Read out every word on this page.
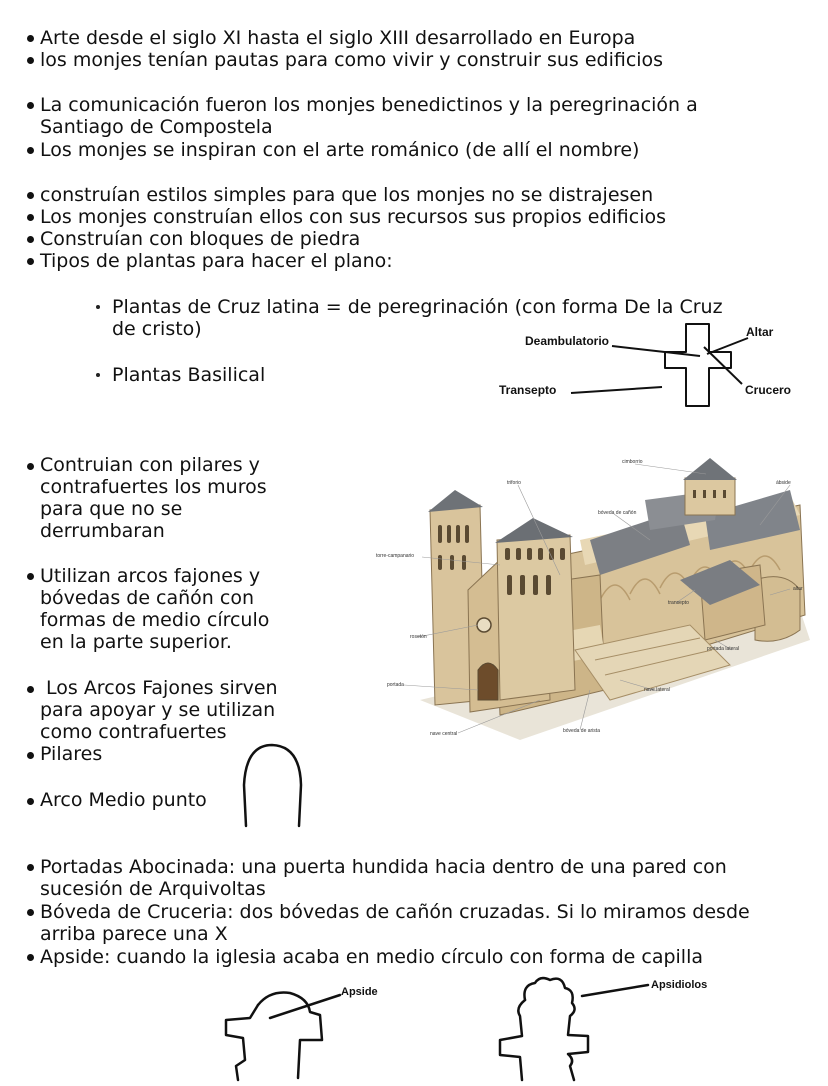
Arte desde el siglo XI hasta el siglo XIII desarrollado en Europa
los monjes tenían pautas para como vivir y construir sus edificios
La comunicación fueron los monjes benedictinos y la peregrinación a
Santiago de Compostela
Los monjes se inspiran con el arte románico (de allí el nombre)
construían estilos simples para que los monjes no se distrajesen
Los monjes construían ellos con sus recursos sus propios edificios
Construían con bloques de piedra
Tipos de plantas para hacer el plano:
Plantas de Cruz latina = de peregrinación (con forma De la Cruz
de cristo)
Plantas Basilical
Deambulatorio
Altar
Transepto	Crucero
Contruian con pilares y
contrafuertes los muros
para que no se
derrumbaran
Utilizan arcos fajones y
bóvedas de cañón con
formas de medio círculo
en la parte superior.
Los Arcos Fajones sirven
para apoyar y se utilizan
como contrafuertes
Pilares
Arco Medio punto
Portadas Abocinada: una puerta hundida hacia dentro de una pared con
sucesión de Arquivoltas
Bóveda de Cruceria: dos bóvedas de cañón cruzadas. Si lo miramos desde
arriba parece una X
Apside: cuando la iglesia acaba en medio círculo con forma de capilla
Apside
Apsidiolos
cimborrio
ábside
triforio
bóveda de cañón
torre-campanario
transepto
altar
rosetón
portada lateral
portada
nave lateral
nave central	bóveda de arista
